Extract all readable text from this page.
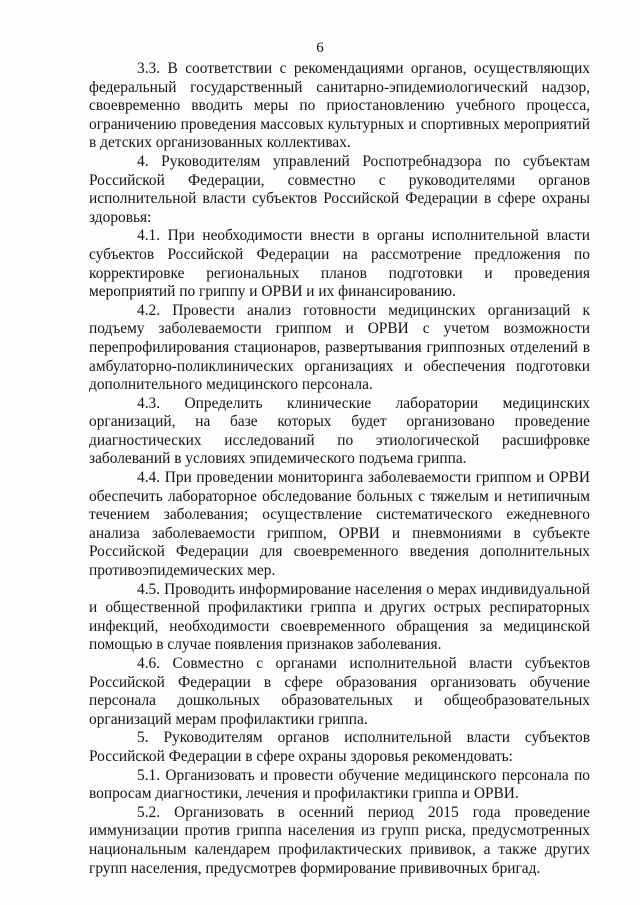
6

3.3. В соответствии с рекомендациями органов, осуществляющих федеральный государственный санитарно-эпидемиологический надзор, своевременно вводить меры по приостановлению учебного процесса, ограничению проведения массовых культурных и спортивных мероприятий в детских организованных коллективах.

4. Руководителям управлений Роспотребнадзора по субъектам Российской Федерации, совместно с руководителями органов исполнительной власти субъектов Российской Федерации в сфере охраны здоровья:

4.1. При необходимости внести в органы исполнительной власти субъектов Российской Федерации на рассмотрение предложения по корректировке региональных планов подготовки и проведения мероприятий по гриппу и ОРВИ и их финансированию.

4.2. Провести анализ готовности медицинских организаций к подъему заболеваемости гриппом и ОРВИ с учетом возможности перепрофилирования стационаров, развертывания гриппозных отделений в амбулаторно-поликлинических организациях и обеспечения подготовки дополнительного медицинского персонала.

4.3. Определить клинические лаборатории медицинских организаций, на базе которых будет организовано проведение диагностических исследований по этиологической расшифровке заболеваний в условиях эпидемического подъема гриппа.

4.4. При проведении мониторинга заболеваемости гриппом и ОРВИ обеспечить лабораторное обследование больных с тяжелым и нетипичным течением заболевания; осуществление систематического ежедневного анализа заболеваемости гриппом, ОРВИ и пневмониями в субъекте Российской Федерации для своевременного введения дополнительных противоэпидемических мер.

4.5. Проводить информирование населения о мерах индивидуальной и общественной профилактики гриппа и других острых респираторных инфекций, необходимости своевременного обращения за медицинской помощью в случае появления признаков заболевания.

4.6. Совместно с органами исполнительной власти субъектов Российской Федерации в сфере образования организовать обучение персонала дошкольных образовательных и общеобразовательных организаций мерам профилактики гриппа.

5. Руководителям органов исполнительной власти субъектов Российской Федерации в сфере охраны здоровья рекомендовать:

5.1. Организовать и провести обучение медицинского персонала по вопросам диагностики, лечения и профилактики гриппа и ОРВИ.

5.2. Организовать в осенний период 2015 года проведение иммунизации против гриппа населения из групп риска, предусмотренных национальным календарем профилактических прививок, а также других групп населения, предусмотрев формирование прививочных бригад.
